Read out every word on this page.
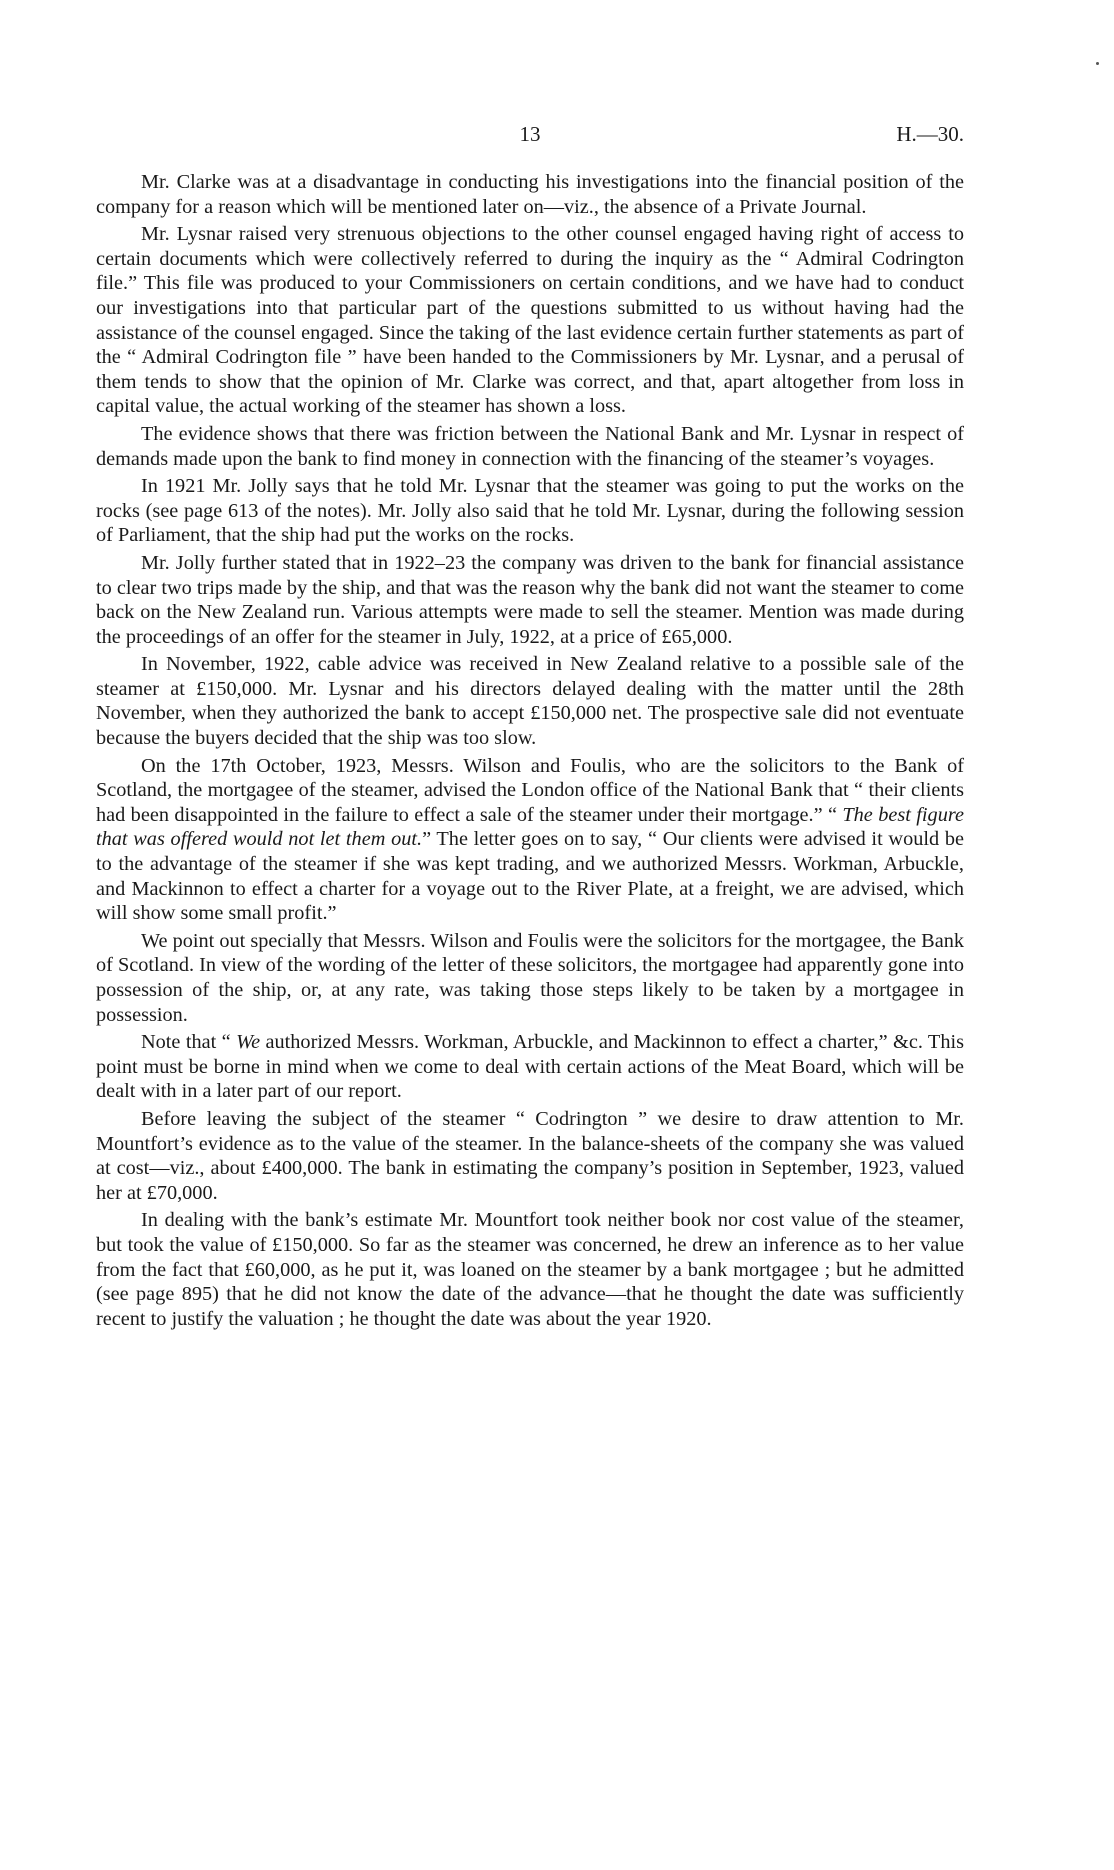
13	H.—30.

Mr. Clarke was at a disadvantage in conducting his investigations into the financial position of the company for a reason which will be mentioned later on—viz., the absence of a Private Journal.

Mr. Lysnar raised very strenuous objections to the other counsel engaged having right of access to certain documents which were collectively referred to during the inquiry as the “ Admiral Codrington file.” This file was produced to your Commissioners on certain conditions, and we have had to conduct our investigations into that particular part of the questions submitted to us without having had the assistance of the counsel engaged. Since the taking of the last evidence certain further statements as part of the “ Admiral Codrington file ” have been handed to the Commissioners by Mr. Lysnar, and a perusal of them tends to show that the opinion of Mr. Clarke was correct, and that, apart altogether from loss in capital value, the actual working of the steamer has shown a loss.

The evidence shows that there was friction between the National Bank and Mr. Lysnar in respect of demands made upon the bank to find money in connection with the financing of the steamer’s voyages.

In 1921 Mr. Jolly says that he told Mr. Lysnar that the steamer was going to put the works on the rocks (see page 613 of the notes). Mr. Jolly also said that he told Mr. Lysnar, during the following session of Parliament, that the ship had put the works on the rocks.

Mr. Jolly further stated that in 1922–23 the company was driven to the bank for financial assistance to clear two trips made by the ship, and that was the reason why the bank did not want the steamer to come back on the New Zealand run. Various attempts were made to sell the steamer. Mention was made during the proceedings of an offer for the steamer in July, 1922, at a price of £65,000.

In November, 1922, cable advice was received in New Zealand relative to a possible sale of the steamer at £150,000. Mr. Lysnar and his directors delayed dealing with the matter until the 28th November, when they authorized the bank to accept £150,000 net. The prospective sale did not eventuate because the buyers decided that the ship was too slow.

On the 17th October, 1923, Messrs. Wilson and Foulis, who are the solicitors to the Bank of Scotland, the mortgagee of the steamer, advised the London office of the National Bank that “ their clients had been disappointed in the failure to effect a sale of the steamer under their mortgage.” “ The best figure that was offered would not let them out.” The letter goes on to say, “ Our clients were advised it would be to the advantage of the steamer if she was kept trading, and we authorized Messrs. Workman, Arbuckle, and Mackinnon to effect a charter for a voyage out to the River Plate, at a freight, we are advised, which will show some small profit.”

We point out specially that Messrs. Wilson and Foulis were the solicitors for the mortgagee, the Bank of Scotland. In view of the wording of the letter of these solicitors, the mortgagee had apparently gone into possession of the ship, or, at any rate, was taking those steps likely to be taken by a mortgagee in possession.

Note that “ We authorized Messrs. Workman, Arbuckle, and Mackinnon to effect a charter,” &c. This point must be borne in mind when we come to deal with certain actions of the Meat Board, which will be dealt with in a later part of our report.

Before leaving the subject of the steamer “ Codrington ” we desire to draw attention to Mr. Mountfort’s evidence as to the value of the steamer. In the balance-sheets of the company she was valued at cost—viz., about £400,000. The bank in estimating the company’s position in September, 1923, valued her at £70,000.

In dealing with the bank’s estimate Mr. Mountfort took neither book nor cost value of the steamer, but took the value of £150,000. So far as the steamer was concerned, he drew an inference as to her value from the fact that £60,000, as he put it, was loaned on the steamer by a bank mortgagee ; but he admitted (see page 895) that he did not know the date of the advance—that he thought the date was sufficiently recent to justify the valuation ; he thought the date was about the year 1920.
